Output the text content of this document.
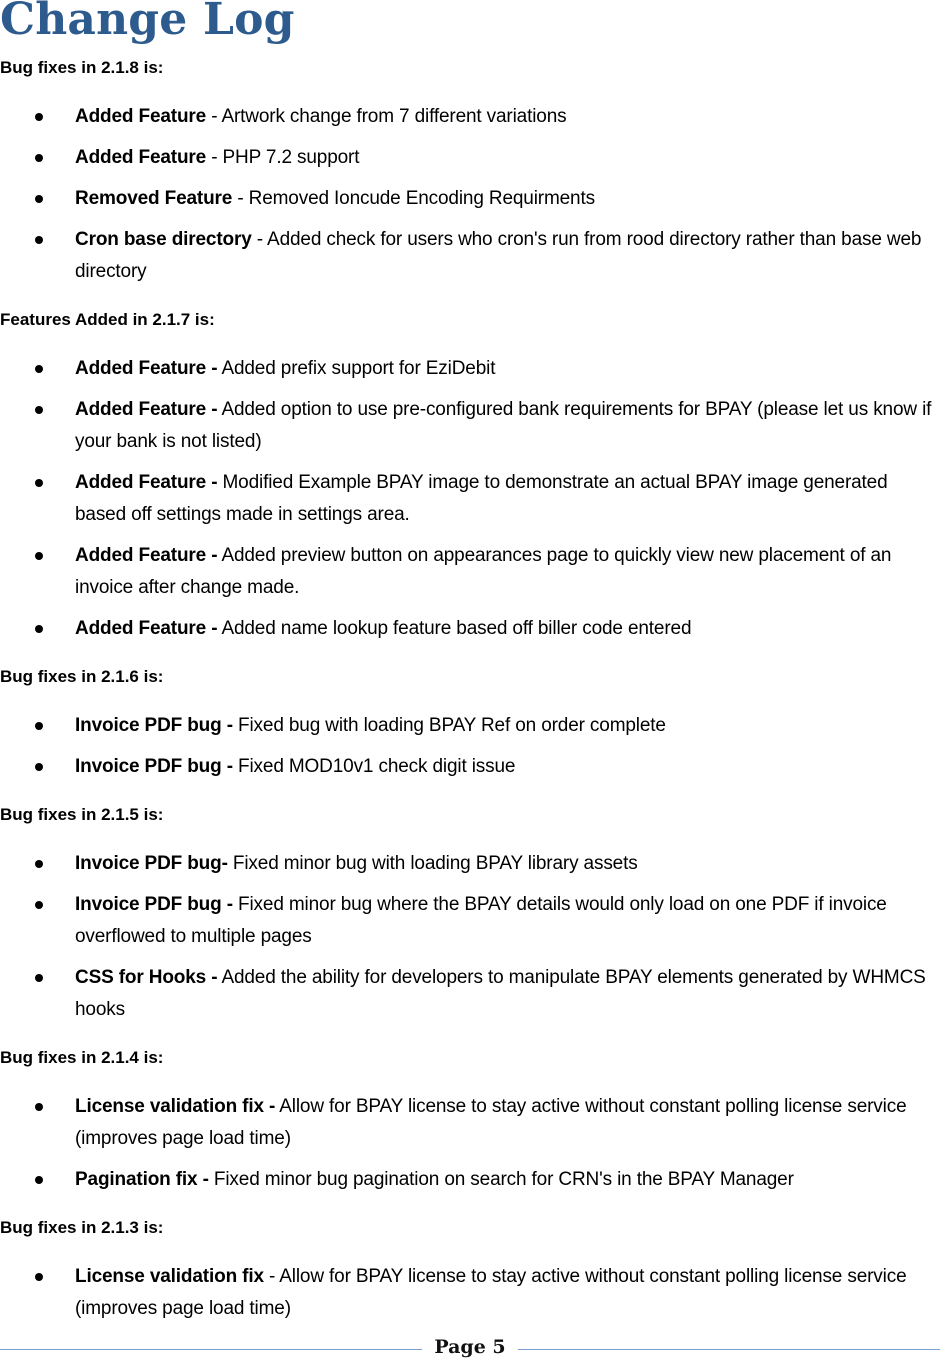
Change Log
Bug fixes in 2.1.8 is:
Added Feature - Artwork change from 7 different variations
Added Feature - PHP 7.2 support
Removed Feature - Removed Ioncude Encoding Requirments
Cron base directory - Added check for users who cron's run from rood directory rather than base web directory
Features Added in 2.1.7 is:
Added Feature - Added prefix support for EziDebit
Added Feature - Added option to use pre-configured bank requirements for BPAY (please let us know if your bank is not listed)
Added Feature - Modified Example BPAY image to demonstrate an actual BPAY image generated based off settings made in settings area.
Added Feature - Added preview button on appearances page to quickly view new placement of an invoice after change made.
Added Feature - Added name lookup feature based off biller code entered
Bug fixes in 2.1.6 is:
Invoice PDF bug - Fixed bug with loading BPAY Ref on order complete
Invoice PDF bug - Fixed MOD10v1 check digit issue
Bug fixes in 2.1.5 is:
Invoice PDF bug- Fixed minor bug with loading BPAY library assets
Invoice PDF bug - Fixed minor bug where the BPAY details would only load on one PDF if invoice overflowed to multiple pages
CSS for Hooks - Added the ability for developers to manipulate BPAY elements generated by WHMCS hooks
Bug fixes in 2.1.4 is:
License validation fix - Allow for BPAY license to stay active without constant polling license service (improves page load time)
Pagination fix - Fixed minor bug pagination on search for CRN's in the BPAY Manager
Bug fixes in 2.1.3 is:
License validation fix - Allow for BPAY license to stay active without constant polling license service (improves page load time)
Page 5
